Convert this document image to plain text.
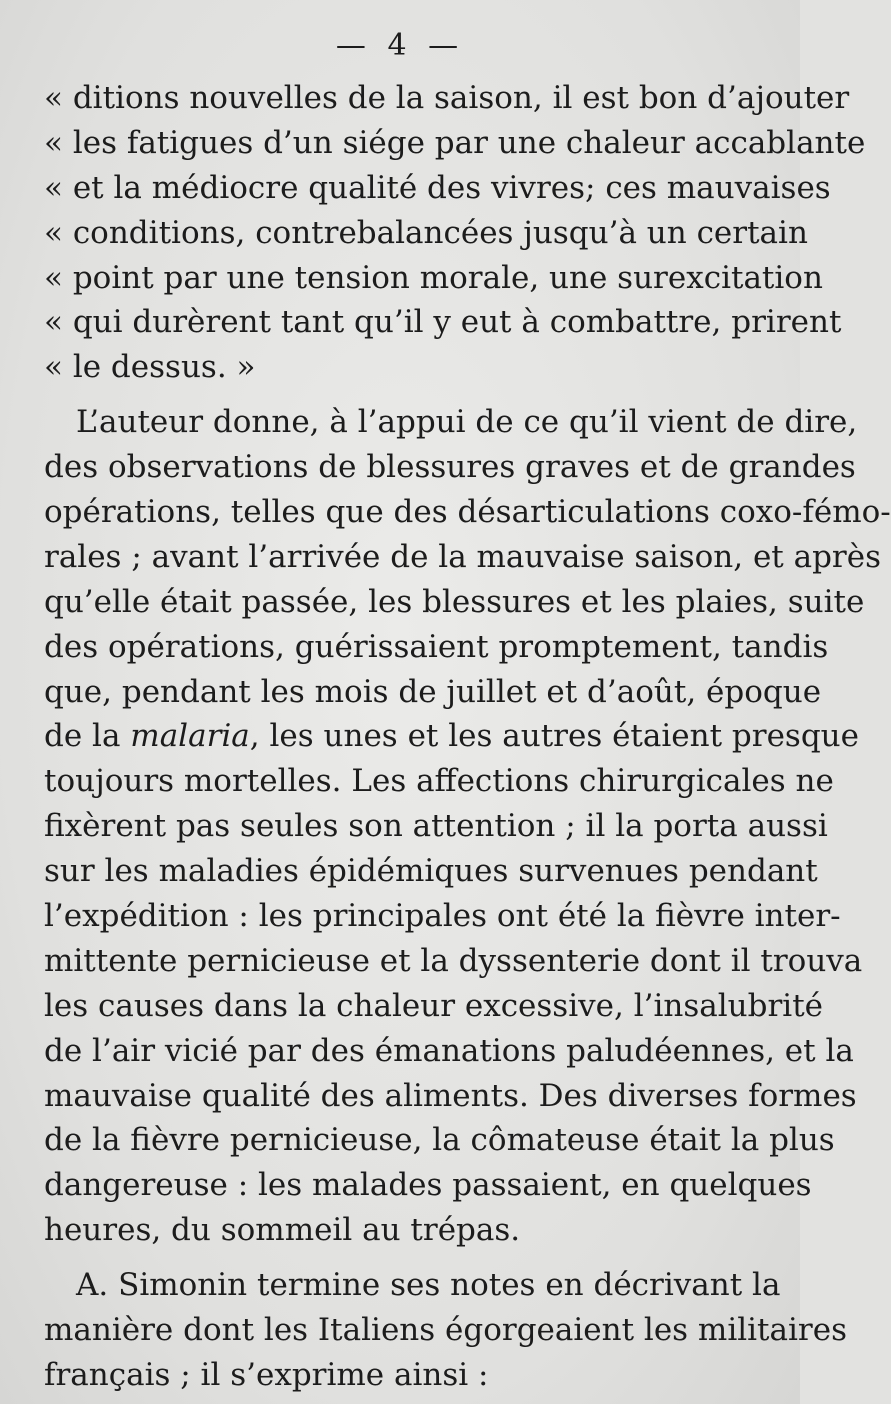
— 4 —
« ditions nouvelles de la saison, il est bon d’ajouter
« les fatigues d’un siége par une chaleur accablante
« et la médiocre qualité des vivres; ces mauvaises
« conditions, contrebalancées jusqu’à un certain
« point par une tension morale, une surexcitation
« qui durèrent tant qu’il y eut à combattre, prirent
« le dessus. »
L’auteur donne, à l’appui de ce qu’il vient de dire,
des observations de blessures graves et de grandes
opérations, telles que des désarticulations coxo-fémo-
rales ; avant l’arrivée de la mauvaise saison, et après
qu’elle était passée, les blessures et les plaies, suite
des opérations, guérissaient promptement, tandis
que, pendant les mois de juillet et d’août, époque
de la malaria, les unes et les autres étaient presque
toujours mortelles. Les affections chirurgicales ne
fixèrent pas seules son attention ; il la porta aussi
sur les maladies épidémiques survenues pendant
l’expédition : les principales ont été la fièvre inter-
mittente pernicieuse et la dyssenterie dont il trouva
les causes dans la chaleur excessive, l’insalubrité
de l’air vicié par des émanations paludéennes, et la
mauvaise qualité des aliments. Des diverses formes
de la fièvre pernicieuse, la cômateuse était la plus
dangereuse : les malades passaient, en quelques
heures, du sommeil au trépas.
A. Simonin termine ses notes en décrivant la
manière dont les Italiens égorgeaient les militaires
français ; il s’exprime ainsi :
